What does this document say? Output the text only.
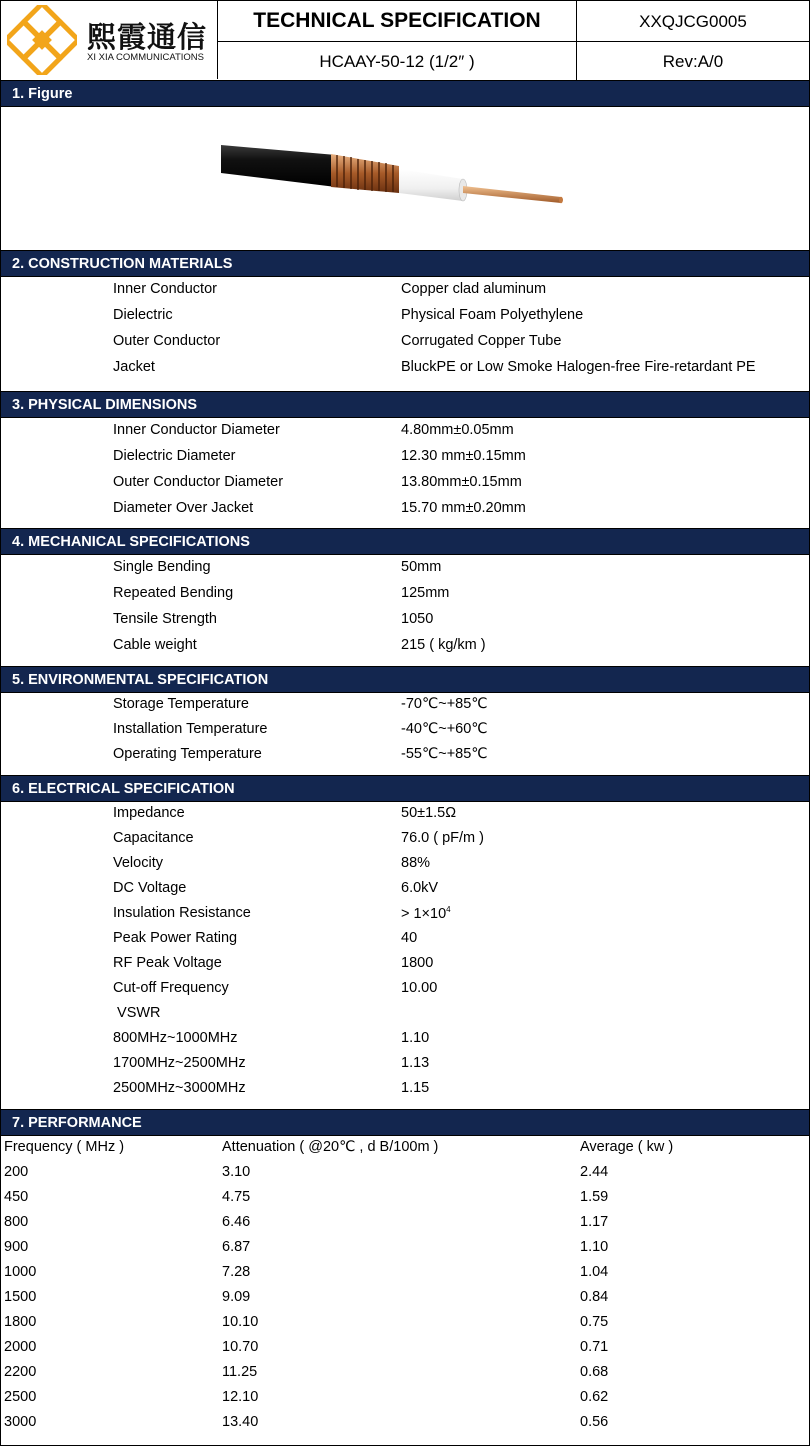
熙霞通信
XI XIA COMMUNICATIONS
TECHNICAL SPECIFICATION
HCAAY-50-12 (1/2″ )
XXQJCG0005
Rev:A/0
1. Figure
2. CONSTRUCTION MATERIALS
Inner Conductor	Copper clad aluminum
Dielectric	Physical Foam Polyethylene
Outer Conductor	Corrugated Copper Tube
Jacket	BluckPE or Low Smoke Halogen-free Fire-retardant PE
3. PHYSICAL DIMENSIONS
Inner Conductor Diameter	4.80mm±0.05mm
Dielectric Diameter	12.30 mm±0.15mm
Outer Conductor Diameter	13.80mm±0.15mm
Diameter Over Jacket	15.70 mm±0.20mm
4. MECHANICAL SPECIFICATIONS
Single Bending	50mm
Repeated Bending	125mm
Tensile Strength	1050
Cable weight	215 ( kg/km )
5. ENVIRONMENTAL SPECIFICATION
Storage Temperature	-70℃~+85℃
Installation Temperature	-40℃~+60℃
Operating Temperature	-55℃~+85℃
6. ELECTRICAL SPECIFICATION
Impedance	50±1.5Ω
Capacitance	76.0 ( pF/m )
Velocity	88%
DC Voltage	6.0kV
Insulation Resistance	> $1\times 10^4$
Peak Power Rating	40
RF Peak Voltage	1800
Cut-off Frequency	10.00
VSWR
800MHz~1000MHz	1.10
1700MHz~2500MHz	1.13
2500MHz~3000MHz	1.15
7. PERFORMANCE
Frequency ( MHz )	Attenuation ( @20℃ , d B/100m )	Average ( kw )
200	3.10	2.44
450	4.75	1.59
800	6.46	1.17
900	6.87	1.10
1000	7.28	1.04
1500	9.09	0.84
1800	10.10	0.75
2000	10.70	0.71
2200	11.25	0.68
2500	12.10	0.62
3000	13.40	0.56
